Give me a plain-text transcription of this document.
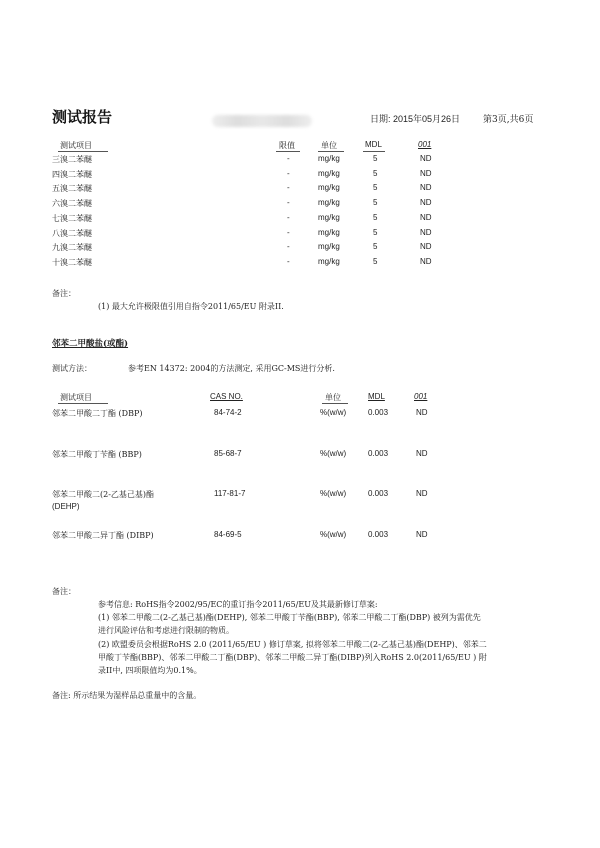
测试报告	日期: 2015年05月26日	第3页,共6页
测试项目	限值	单位	MDL	001
三溴二苯醚	-	mg/kg	5	ND
四溴二苯醚	-	mg/kg	5	ND
五溴二苯醚	-	mg/kg	5	ND
六溴二苯醚	-	mg/kg	5	ND
七溴二苯醚	-	mg/kg	5	ND
八溴二苯醚	-	mg/kg	5	ND
九溴二苯醚	-	mg/kg	5	ND
十溴二苯醚	-	mg/kg	5	ND
备注：
(1) 最大允许极限值引用自指令2011/65/EU 附录II.
邻苯二甲酸盐(或酯)
测试方法：	参考EN 14372: 2004的方法测定, 采用GC-MS进行分析.
测试项目	CAS NO.	单位	MDL	001
邻苯二甲酸二丁酯 (DBP)	84-74-2	%(w/w)	0.003	ND
邻苯二甲酸丁苄酯 (BBP)	85-68-7	%(w/w)	0.003	ND
邻苯二甲酸二(2-乙基己基)酯
(DEHP)
117-81-7	%(w/w)	0.003	ND
邻苯二甲酸二异丁酯 (DIBP)	84-69-5	%(w/w)	0.003	ND
备注：
参考信息: RoHS指令2002/95/EC的重订指令2011/65/EU及其最新修订草案:
(1) 邻苯二甲酸二(2-乙基己基)酯(DEHP), 邻苯二甲酸丁苄酯(BBP), 邻苯二甲酸二丁酯(DBP) 被列为需优先
进行风险评估和考虑进行限制的物质。
(2) 欧盟委员会根据RoHS 2.0 (2011/65/EU ) 修订草案, 拟将邻苯二甲酸二(2-乙基己基)酯(DEHP)、邻苯二
甲酸丁苄酯(BBP)、邻苯二甲酸二丁酯(DBP)、邻苯二甲酸二异丁酯(DIBP)列入RoHS 2.0(2011/65/EU ) 附
录II中, 四项限值均为0.1%。
备注: 所示结果为湿样品总重量中的含量。
